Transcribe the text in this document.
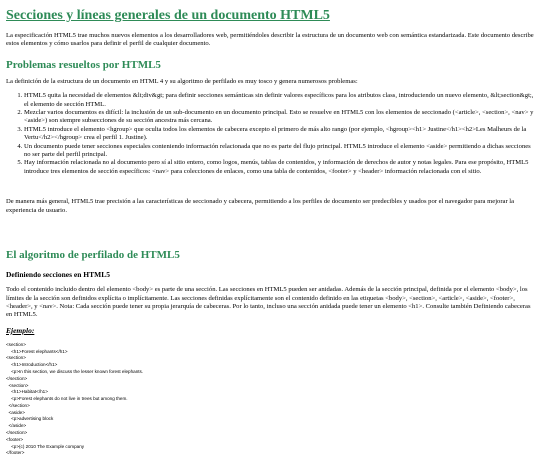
Secciones y líneas generales de un documento HTML5

La especificación HTML5 trae muchos nuevos elementos a los desarrolladores web, permitiéndoles describir la estructura de un documento web con semántica estandarizada. Este documento describe estos elementos y cómo usarlos para definir el perfil de cualquier documento.

Problemas resueltos por HTML5

La definición de la estructura de un documento en HTML 4 y su algoritmo de perfilado es muy tosco y genera numerosos problemas:

1. HTML5 quita la necesidad de elementos &lt;div&gt; para definir secciones semánticas sin definir valores específicos para los atributos class, introduciendo un nuevo elemento, &lt;section&gt;, el elemento de sección HTML.
2. Mezclar varios documentos es difícil: la inclusión de un sub-documento en un documento principal. Esto se resuelve en HTML5 con los elementos de seccionado (<article>, <section>, <nav> y <aside>) son siempre subsecciones de su sección ancestra más cercana.
3. HTML5 introduce el elemento <hgroup> que oculta todos los elementos de cabecera excepto el primero de más alto rango (por ejemplo, <hgroup><h1> Justine</h1><h2>Les Malheurs de la Vertu</h2></hgroup> crea el perfil 1. Justine).
4. Un documento puede tener secciones especiales conteniendo información relacionada que no es parte del flujo principal. HTML5 introduce el elemento <aside> permitiendo a dichas secciones no ser parte del perfil principal.
5. Hay información relacionada no al documento pero sí al sitio entero, como logos, menús, tablas de contenidos, y información de derechos de autor y notas legales. Para ese propósito, HTML5 introduce tres elementos de sección específicos: <nav> para colecciones de enlaces, como una tabla de contenidos, <footer> y <header> información relacionada con el sitio.

De manera más general, HTML5 trae precisión a las características de seccionado y cabecera, permitiendo a los perfiles de documento ser predecibles y usados por el navegador para mejorar la experiencia de usuario.

El algoritmo de perfilado de HTML5
Definiendo secciones en HTML5

Todo el contenido incluido dentro del elemento <body> es parte de una sección. Las secciones en HTML5 pueden ser anidadas. Además de la sección principal, definida por el elemento <body>, los límites de la sección son definidos explícita o implícitamente. Las secciones definidas explícitamente son el contenido definido en las etiquetas <body>, <section>, <article>, <aside>, <footer>, <header>, y <nav>. Nota: Cada sección puede tener su propia jerarquía de cabeceras. Por lo tanto, incluso una sección anidada puede tener un elemento <h1>. Consulte también Definiendo cabeceras en HTML5.

Ejemplo:
<section>
<h1>Forest elephants</h1>
<section>
<h1>Introduction</h1>
<p>In this section, we discuss the lesser known forest elephants.
</section>
<section>
<h1>Habitat</h1>
<p>Forest elephants do not live in trees but among them.
</section>
<aside>
<p>advertising block
</aside>
</section>
<footer>
<p>(c) 2010 The Example company
</footer>
